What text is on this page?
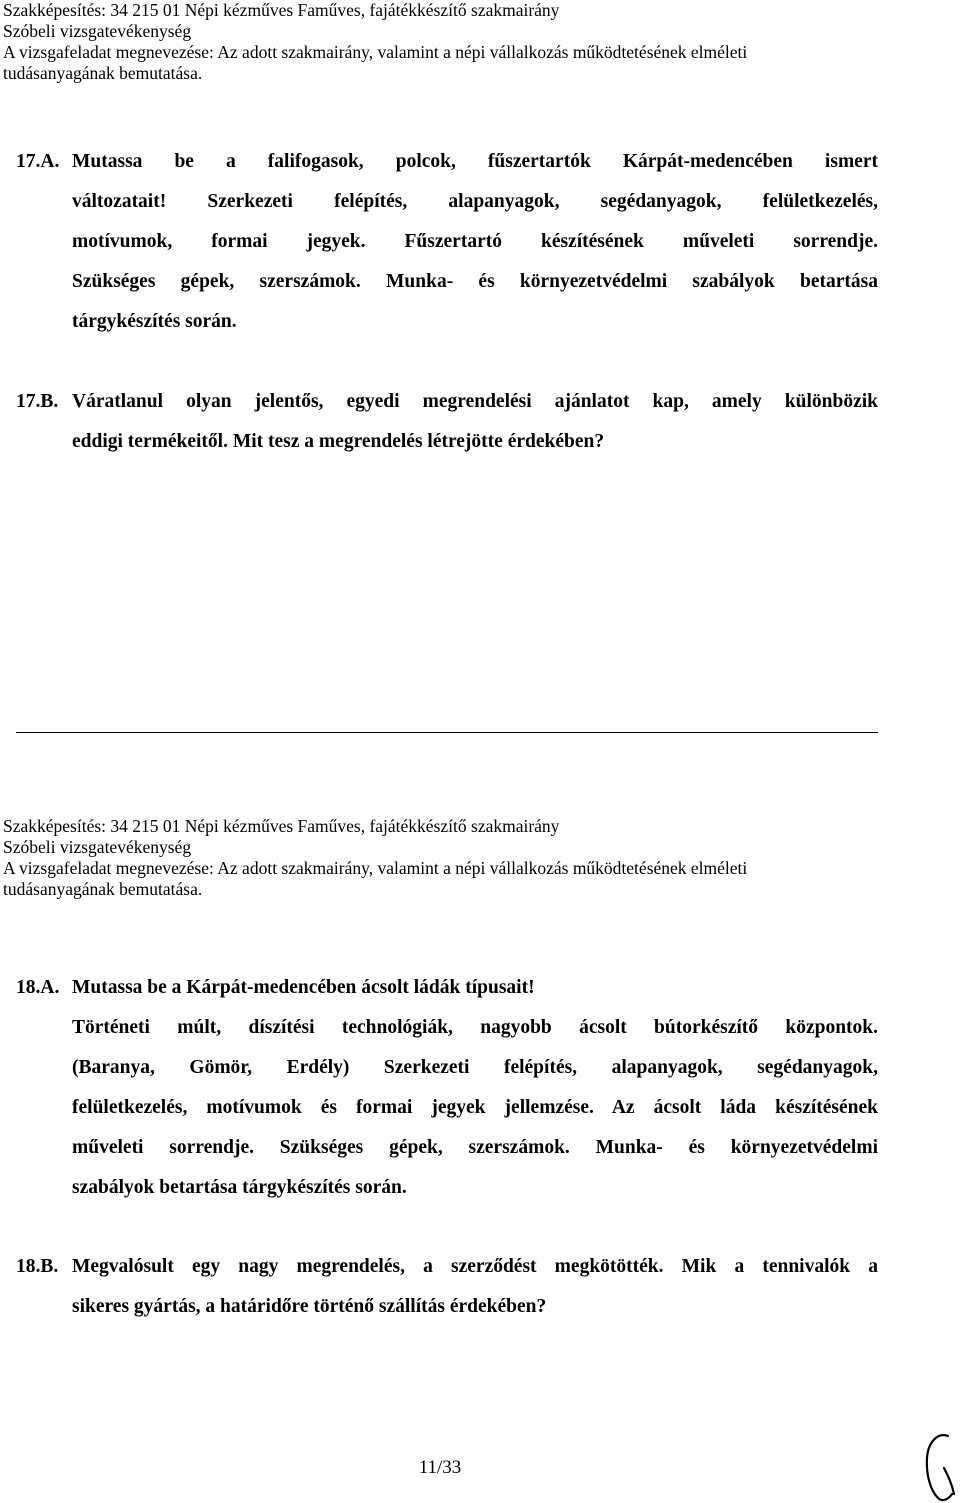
Szakképesítés: 34 215 01 Népi kézműves Faműves, fajátékkészítő szakmairány
Szóbeli vizsgatevékenység
A vizsgafeladat megnevezése: Az adott szakmairány, valamint a népi vállalkozás működtetésének elméleti
tudásanyagának bemutatása.
17.A. Mutassa be a falifogasok, polcok, fűszertartók Kárpát-medencében ismert
változatait! Szerkezeti felépítés, alapanyagok, segédanyagok, felületkezelés,
motívumok, formai jegyek. Fűszertartó készítésének műveleti sorrendje.
Szükséges gépek, szerszámok. Munka- és környezetvédelmi szabályok betartása
tárgykészítés során.
17.B. Váratlanul olyan jelentős, egyedi megrendelési ajánlatot kap, amely különbözik
eddigi termékeitől. Mit tesz a megrendelés létrejötte érdekében?
Szakképesítés: 34 215 01 Népi kézműves Faműves, fajátékkészítő szakmairány
Szóbeli vizsgatevékenység
A vizsgafeladat megnevezése: Az adott szakmairány, valamint a népi vállalkozás működtetésének elméleti
tudásanyagának bemutatása.
18.A. Mutassa be a Kárpát-medencében ácsolt ládák típusait!
Történeti múlt, díszítési technológiák, nagyobb ácsolt bútorkészítő központok.
(Baranya, Gömör, Erdély) Szerkezeti felépítés, alapanyagok, segédanyagok,
felületkezelés, motívumok és formai jegyek jellemzése. Az ácsolt láda készítésének
műveleti sorrendje. Szükséges gépek, szerszámok. Munka- és környezetvédelmi
szabályok betartása tárgykészítés során.
18.B. Megvalósult egy nagy megrendelés, a szerződést megkötötték. Mik a tennivalók a
sikeres gyártás, a határidőre történő szállítás érdekében?
11/33
